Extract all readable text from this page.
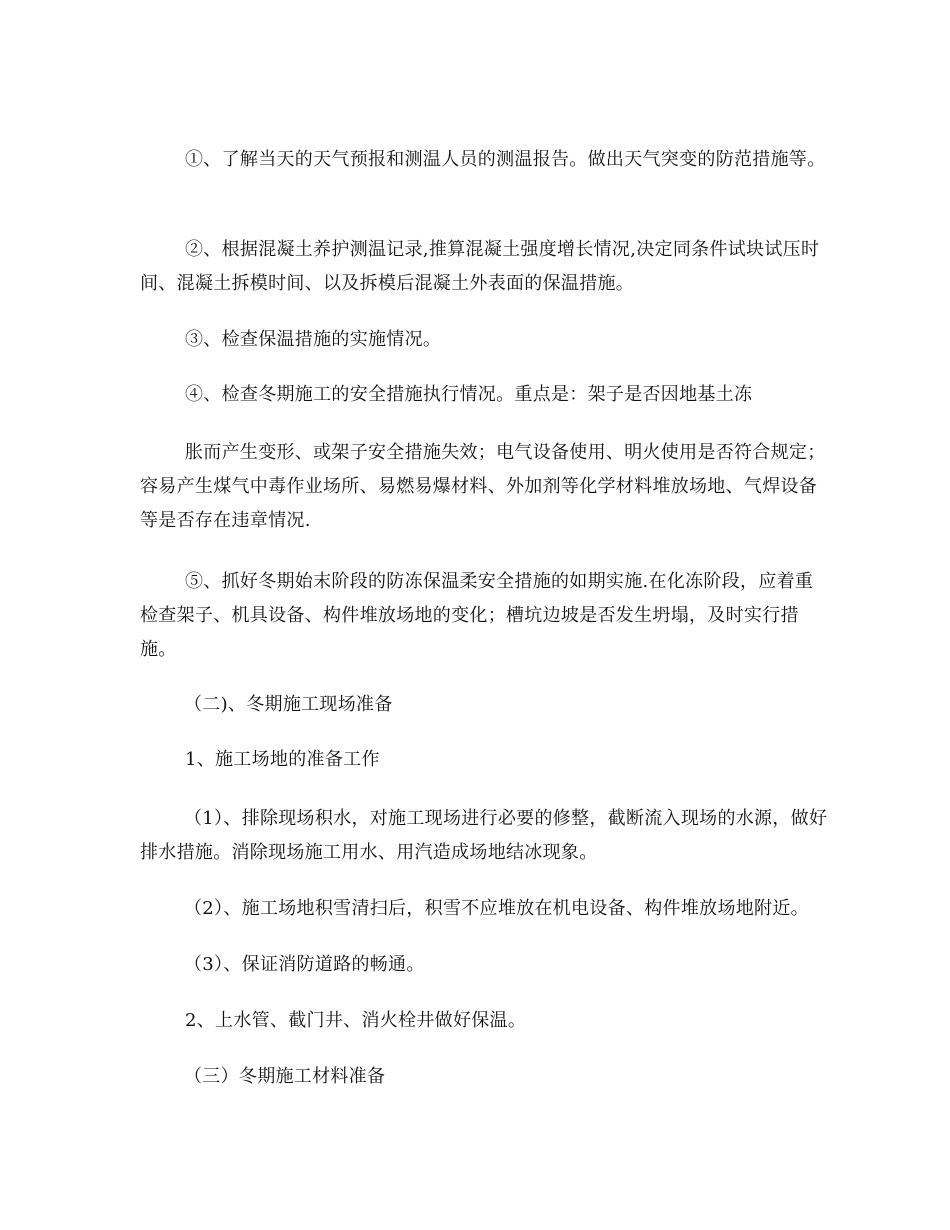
①、了解当天的天气预报和测温人员的测温报告。做出天气突变的防范措施等。

②、根据混凝土养护测温记录,推算混凝土强度增长情况,决定同条件试块试压时间、混凝土拆模时间、以及拆模后混凝土外表面的保温措施。

③、检查保温措施的实施情况。

④、检查冬期施工的安全措施执行情况。重点是：架子是否因地基土冻

胀而产生变形、或架子安全措施失效；电气设备使用、明火使用是否符合规定；容易产生煤气中毒作业场所、易燃易爆材料、外加剂等化学材料堆放场地、气焊设备等是否存在违章情况.

⑤、抓好冬期始末阶段的防冻保温柔安全措施的如期实施.在化冻阶段，应着重检查架子、机具设备、构件堆放场地的变化；槽坑边坡是否发生坍塌，及时实行措施。

（二)、冬期施工现场准备

1、施工场地的准备工作

（1）、排除现场积水，对施工现场进行必要的修整，截断流入现场的水源，做好排水措施。消除现场施工用水、用汽造成场地结冰现象。

（2）、施工场地积雪清扫后，积雪不应堆放在机电设备、构件堆放场地附近。

（3）、保证消防道路的畅通。

2、上水管、截门井、消火栓井做好保温。

（三）冬期施工材料准备
